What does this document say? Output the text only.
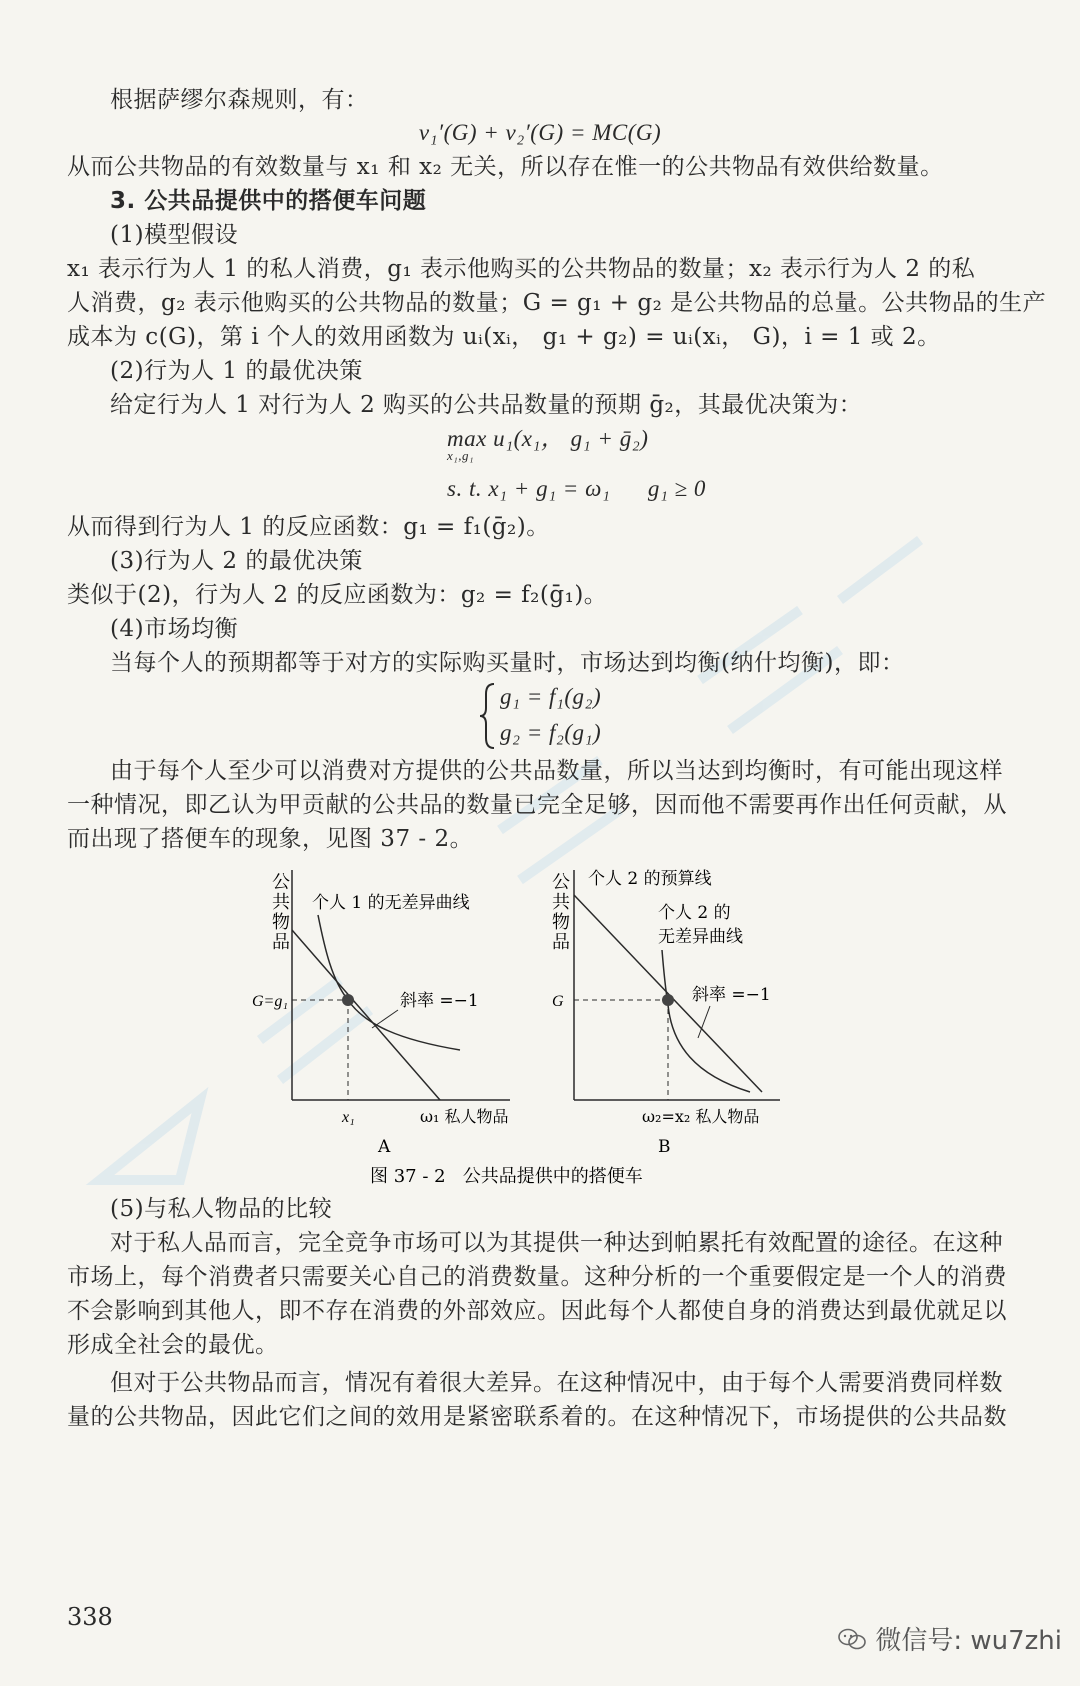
根据萨缪尔森规则，有：
v₁′(G) + v₂′(G) = MC(G)
从而公共物品的有效数量与 x₁ 和 x₂ 无关，所以存在惟一的公共物品有效供给数量。
3. 公共品提供中的搭便车问题
(1)模型假设
x₁ 表示行为人 1 的私人消费，g₁ 表示他购买的公共物品的数量；x₂ 表示行为人 2 的私
人消费，g₂ 表示他购买的公共物品的数量；G = g₁ + g₂ 是公共物品的总量。公共物品的生产
成本为 c(G)，第 i 个人的效用函数为 uᵢ(xᵢ， g₁ + g₂) = uᵢ(xᵢ， G)，i = 1 或 2。
(2)行为人 1 的最优决策
给定行为人 1 对行为人 2 购买的公共品数量的预期 ḡ₂，其最优决策为：
max u₁(x₁， g₁ + ḡ₂)
x₁,g₁
s. t. x₁ + g₁ = ω₁      g₁ ≥ 0
从而得到行为人 1 的反应函数：g₁ = f₁(ḡ₂)。
(3)行为人 2 的最优决策
类似于(2)，行为人 2 的反应函数为：g₂ = f₂(ḡ₁)。
(4)市场均衡
当每个人的预期都等于对方的实际购买量时，市场达到均衡(纳什均衡)，即：
g₁ = f₁(g₂)
g₂ = f₂(g₁)
由于每个人至少可以消费对方提供的公共品数量，所以当达到均衡时，有可能出现这样
一种情况，即乙认为甲贡献的公共品的数量已完全足够，因而他不需要再作出任何贡献，从
而出现了搭便车的现象，见图 37 - 2。
公
共
物
品
个人 1 的无差异曲线
G=g₁	斜率 =−1
x₁	ω₁ 私人物品
A
公
共
物
品
个人 2 的预算线
个人 2 的
无差异曲线
G	斜率 =−1
ω₂=x₂ 私人物品
B
图 37 - 2   公共品提供中的搭便车
(5)与私人物品的比较
对于私人品而言，完全竞争市场可以为其提供一种达到帕累托有效配置的途径。在这种
市场上，每个消费者只需要关心自己的消费数量。这种分析的一个重要假定是一个人的消费
不会影响到其他人，即不存在消费的外部效应。因此每个人都使自身的消费达到最优就足以
形成全社会的最优。
但对于公共物品而言，情况有着很大差异。在这种情况中，由于每个人需要消费同样数
量的公共物品，因此它们之间的效用是紧密联系着的。在这种情况下，市场提供的公共品数
338
微信号: wu7zhi
